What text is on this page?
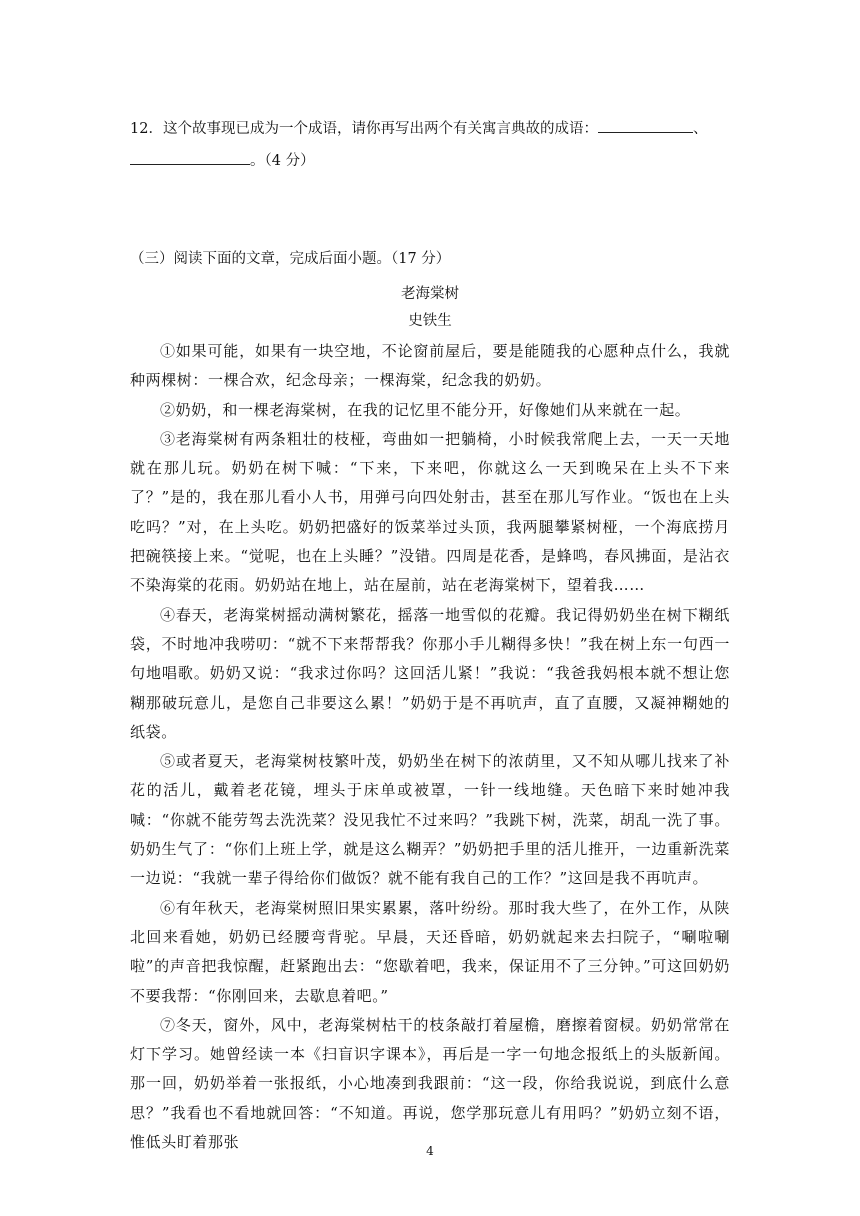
12．这个故事现已成为一个成语，请你再写出两个有关寓言典故的成语：	、
。（4 分）
（三）阅读下面的文章，完成后面小题。（17 分）
老海棠树
史铁生

①如果可能，如果有一块空地，不论窗前屋后，要是能随我的心愿种点什么，我就种两棵树：一棵合欢，纪念母亲；一棵海棠，纪念我的奶奶。

②奶奶，和一棵老海棠树，在我的记忆里不能分开，好像她们从来就在一起。

③老海棠树有两条粗壮的枝桠，弯曲如一把躺椅，小时候我常爬上去，一天一天地就在那儿玩。奶奶在树下喊：“下来，下来吧，你就这么一天到晚呆在上头不下来了？”是的，我在那儿看小人书，用弹弓向四处射击，甚至在那儿写作业。“饭也在上头吃吗？”对，在上头吃。奶奶把盛好的饭菜举过头顶，我两腿攀紧树桠，一个海底捞月把碗筷接上来。“觉呢，也在上头睡？”没错。四周是花香，是蜂鸣，春风拂面，是沾衣不染海棠的花雨。奶奶站在地上，站在屋前，站在老海棠树下，望着我……

④春天，老海棠树摇动满树繁花，摇落一地雪似的花瓣。我记得奶奶坐在树下糊纸袋，不时地冲我唠叨：“就不下来帮帮我？你那小手儿糊得多快！”我在树上东一句西一句地唱歌。奶奶又说：“我求过你吗？这回活儿紧！”我说：“我爸我妈根本就不想让您糊那破玩意儿，是您自己非要这么累！”奶奶于是不再吭声，直了直腰，又凝神糊她的纸袋。

⑤或者夏天，老海棠树枝繁叶茂，奶奶坐在树下的浓荫里，又不知从哪儿找来了补花的活儿，戴着老花镜，埋头于床单或被罩，一针一线地缝。天色暗下来时她冲我喊：“你就不能劳驾去洗洗菜？没见我忙不过来吗？”我跳下树，洗菜，胡乱一洗了事。奶奶生气了：“你们上班上学，就是这么糊弄？”奶奶把手里的活儿推开，一边重新洗菜一边说：“我就一辈子得给你们做饭？就不能有我自己的工作？”这回是我不再吭声。

⑥有年秋天，老海棠树照旧果实累累，落叶纷纷。那时我大些了，在外工作，从陕北回来看她，奶奶已经腰弯背驼。早晨，天还昏暗，奶奶就起来去扫院子，“唰啦唰啦”的声音把我惊醒，赶紧跑出去：“您歇着吧，我来，保证用不了三分钟。”可这回奶奶不要我帮：“你刚回来，去歇息着吧。”

⑦冬天，窗外，风中，老海棠树枯干的枝条敲打着屋檐，磨擦着窗棂。奶奶常常在灯下学习。她曾经读一本《扫盲识字课本》，再后是一字一句地念报纸上的头版新闻。那一回，奶奶举着一张报纸，小心地凑到我跟前：“这一段，你给我说说，到底什么意思？”我看也不看地就回答：“不知道。再说，您学那玩意儿有用吗？”奶奶立刻不语，惟低头盯着那张	4
